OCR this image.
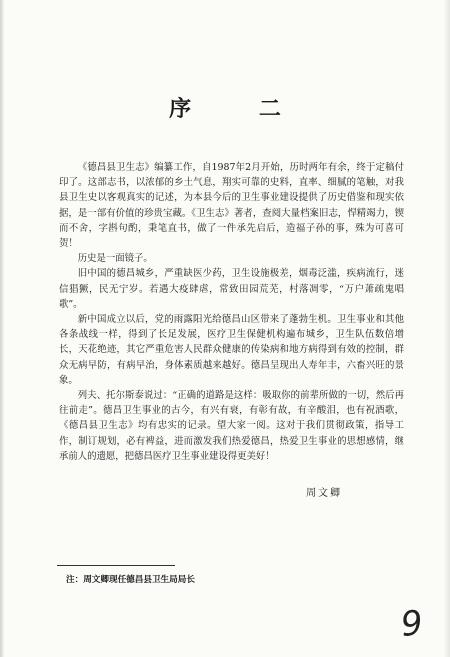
序 二

《德昌县卫生志》编纂工作，自1987年2月开始，历时两年有余，终于定稿付印了。这部志书，以浓郁的乡土气息，翔实可靠的史料，直率、细腻的笔触，对我县卫生史以客观真实的记述，为本县今后的卫生事业建设提供了历史借鉴和现实依据，是一部有价值的珍贵宝藏。《卫生志》著者，查阅大量档案旧志，悍精竭力，锲而不舍，字斟句酌，秉笔直书，做了一件承先启后，造福子孙的事，殊为可喜可贺！

历史是一面镜子。

旧中国的德昌城乡，严重缺医少药，卫生设施极差，烟毒泛滥，疾病流行，迷信猖獗，民无宁岁。若遇大疫肆虐，常致田园荒芜，村落凋零，“万户萧疏鬼唱歌”。

新中国成立以后，党的雨露阳光给德昌山区带来了蓬勃生机。卫生事业和其他各条战线一样，得到了长足发展，医疗卫生保健机构遍布城乡，卫生队伍数倍增长，天花绝迹，其它严重危害人民群众健康的传染病和地方病得到有效的控制，群众无病早防，有病早治，身体素质越来越好。德昌呈现出人寿年丰，六畜兴旺的景象。

列夫、托尔斯泰说过：“正确的道路是这样：吸取你的前辈所做的一切，然后再往前走”。德昌卫生事业的古今，有兴有衰，有彰有故，有辛酸泪，也有祝酒歌，《德昌县卫生志》均有忠实的记录。望大家一阅。这对于我们贯彻政策，指导工作，制订规划，必有裨益，进而激发我们热爱德昌，热爱卫生事业的思想感情，继承前人的遗愿，把德昌医疗卫生事业建设得更美好！

周文卿
注：周文卿现任德昌县卫生局局长
9
